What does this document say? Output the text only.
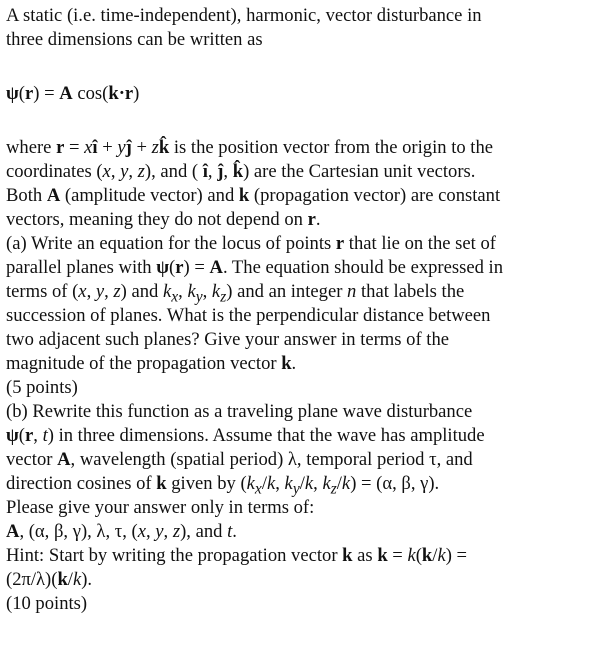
A static (i.e. time-independent), harmonic, vector disturbance in

three dimensions can be written as

ψ(r) = A cos(k·r)

where r = xî + yĵ + zk̂ is the position vector from the origin to the

coordinates (x, y, z), and ( î, ĵ, k̂) are the Cartesian unit vectors.

Both A (amplitude vector) and k (propagation vector) are constant

vectors, meaning they do not depend on r.

(a) Write an equation for the locus of points r that lie on the set of

parallel planes with ψ(r) = A. The equation should be expressed in

terms of (x, y, z) and $k_x$, $k_y$, $k_z$) and an integer n that labels the

succession of planes. What is the perpendicular distance between

two adjacent such planes? Give your answer in terms of the

magnitude of the propagation vector k.

(5 points)

(b) Rewrite this function as a traveling plane wave disturbance

ψ(r, t) in three dimensions. Assume that the wave has amplitude

vector A, wavelength (spatial period) λ, temporal period τ, and

direction cosines of k given by ($k_x/k$, $k_y/k$, $k_z/k) = (\alpha$, β, γ).

Please give your answer only in terms of:

A, (α, β, γ), λ, τ, (x, y, z), and t.

Hint: Start by writing the propagation vector k as k = k(k/k) =

(2π/λ)(k/k).

(10 points)
